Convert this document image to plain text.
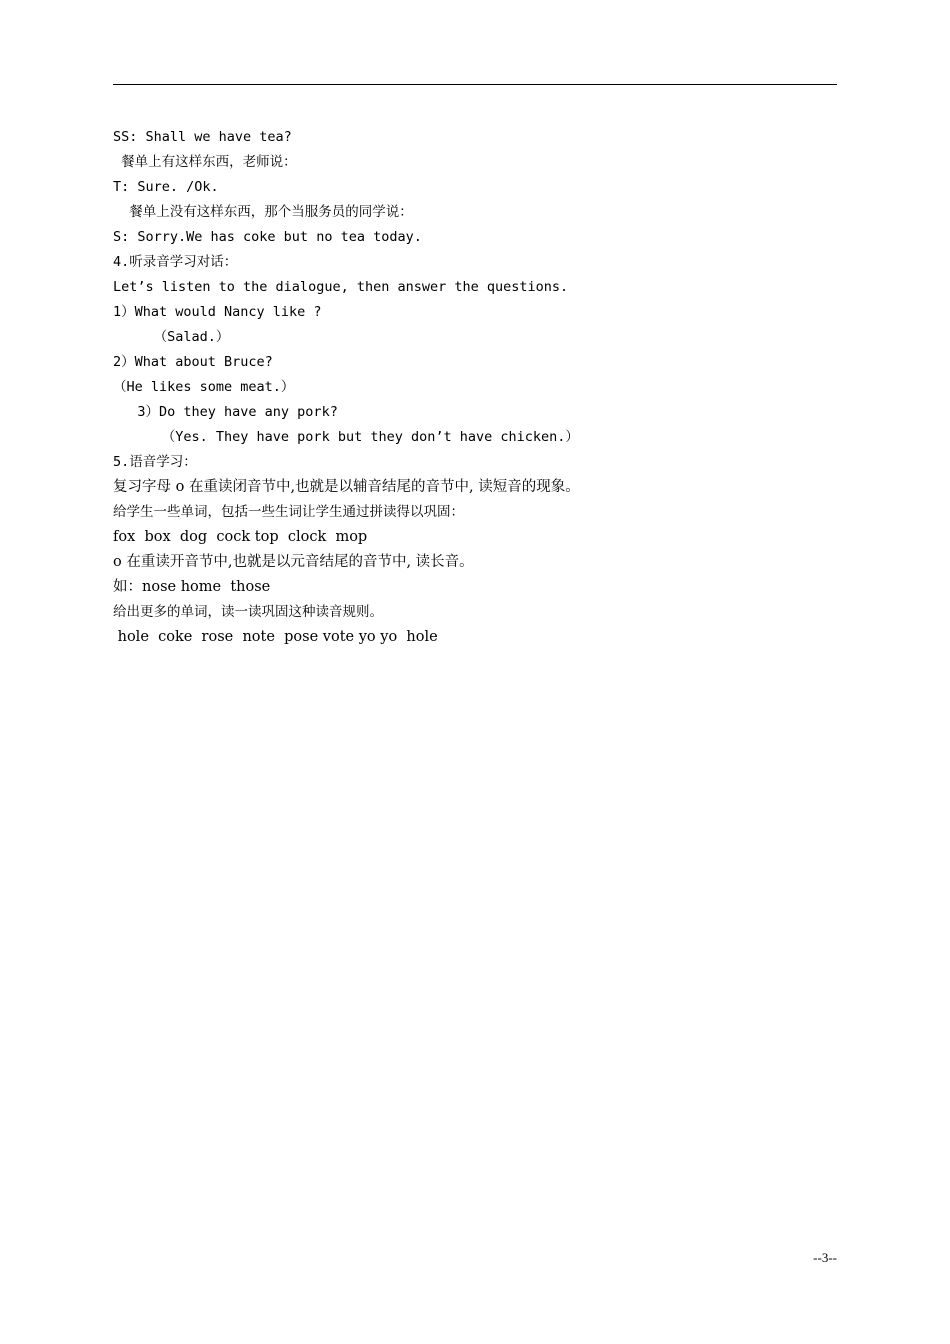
SS: Shall we have tea?
餐单上有这样东西，老师说：
T: Sure. /Ok.
餐单上没有这样东西，那个当服务员的同学说：
S: Sorry.We has coke but no tea today.
4.听录音学习对话：
Let’s listen to the dialogue, then answer the questions.
1）What would Nancy like ?
（Salad.）
2）What about Bruce?
（He likes some meat.）
3）Do they have any pork?
（Yes. They have pork but they don’t have chicken.）
5.语音学习：
复习字母 o 在重读闭音节中,也就是以辅音结尾的音节中, 读短音的现象。
给学生一些单词，包括一些生词让学生通过拼读得以巩固：
fox  box  dog  cock top  clock  mop
o 在重读开音节中,也就是以元音结尾的音节中, 读长音。
如：nose home  those
给出更多的单词，读一读巩固这种读音规则。
hole  coke  rose  note  pose vote yo yo  hole
--3--
